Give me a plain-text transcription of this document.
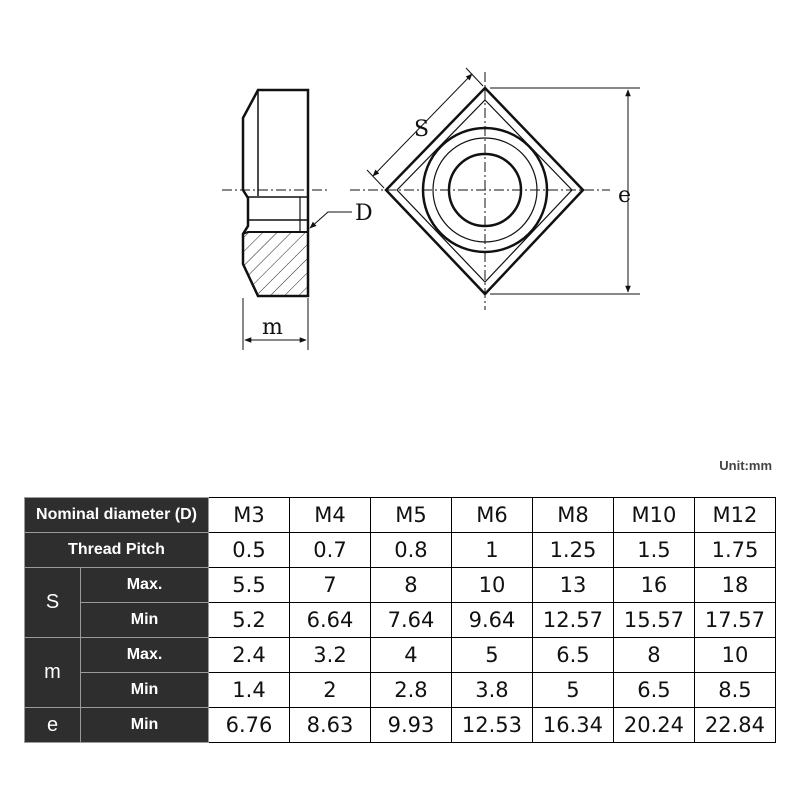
m
D
S
e
Unit:mm
Nominal diameter (D)		M3	M4	M5	M6	M8	M10	M12
Thread Pitch		0.5	0.7	0.8	1	1.25	1.5	1.75
S	Max.	5.5	7	8	10	13	16	18
	Min	5.2	6.64	7.64	9.64	12.57	15.57	17.57
m	Max.	2.4	3.2	4	5	6.5	8	10
	Min	1.4	2	2.8	3.8	5	6.5	8.5
e	Min	6.76	8.63	9.93	12.53	16.34	20.24	22.84
